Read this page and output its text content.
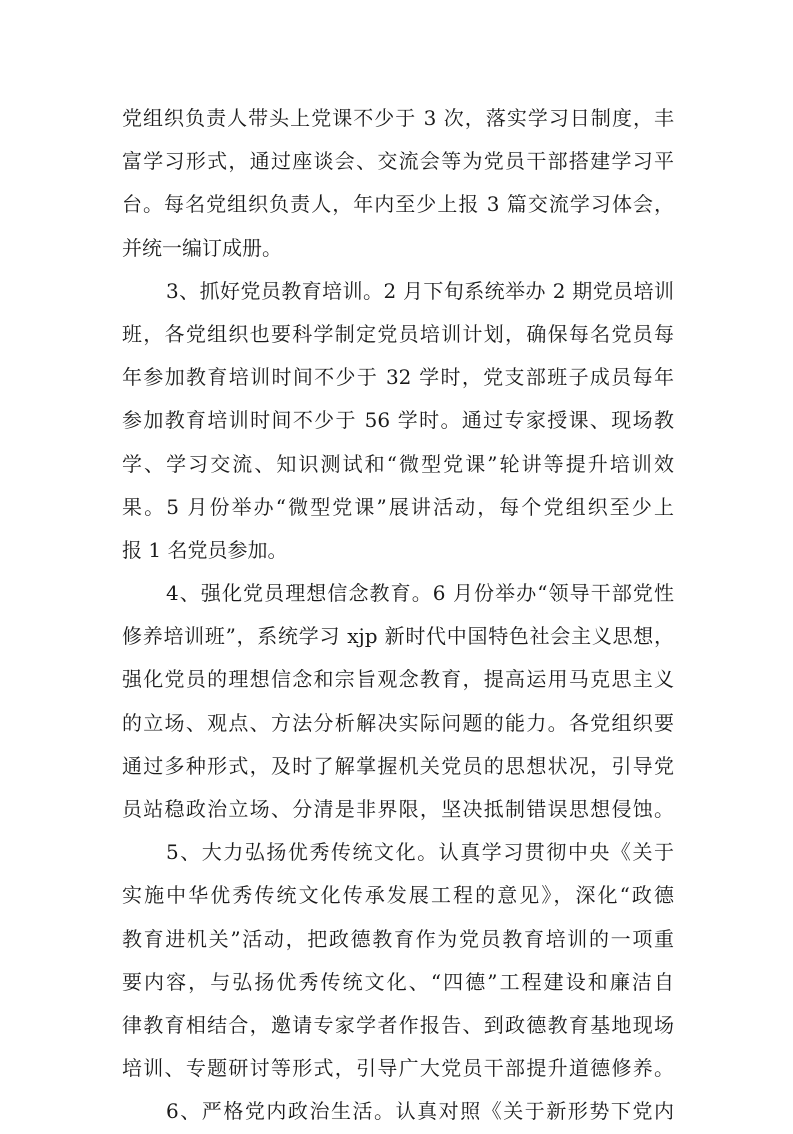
党组织负责人带头上党课不少于 3 次，落实学习日制度，丰
富学习形式，通过座谈会、交流会等为党员干部搭建学习平
台。每名党组织负责人，年内至少上报 3 篇交流学习体会，
并统一编订成册。
3、抓好党员教育培训。2 月下旬系统举办 2 期党员培训
班，各党组织也要科学制定党员培训计划，确保每名党员每
年参加教育培训时间不少于 32 学时，党支部班子成员每年
参加教育培训时间不少于 56 学时。通过专家授课、现场教
学、学习交流、知识测试和“微型党课”轮讲等提升培训效
果。5 月份举办“微型党课”展讲活动，每个党组织至少上
报 1 名党员参加。
4、强化党员理想信念教育。6 月份举办“领导干部党性
修养培训班”，系统学习 xjp 新时代中国特色社会主义思想，
强化党员的理想信念和宗旨观念教育，提高运用马克思主义
的立场、观点、方法分析解决实际问题的能力。各党组织要
通过多种形式，及时了解掌握机关党员的思想状况，引导党
员站稳政治立场、分清是非界限，坚决抵制错误思想侵蚀。
5、大力弘扬优秀传统文化。认真学习贯彻中央《关于
实施中华优秀传统文化传承发展工程的意见》，深化“政德
教育进机关”活动，把政德教育作为党员教育培训的一项重
要内容，与弘扬优秀传统文化、“四德”工程建设和廉洁自
律教育相结合，邀请专家学者作报告、到政德教育基地现场
培训、专题研讨等形式，引导广大党员干部提升道德修养。
6、严格党内政治生活。认真对照《关于新形势下党内
